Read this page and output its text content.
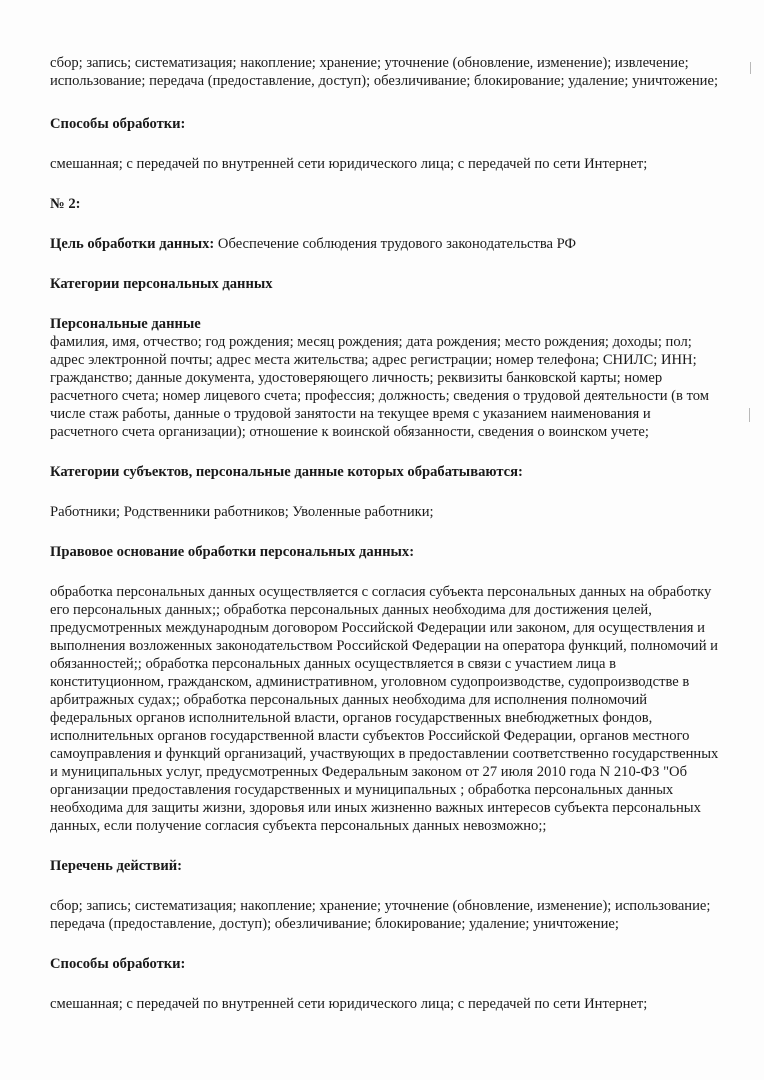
сбор; запись; систематизация; накопление; хранение; уточнение (обновление, изменение); извлечение; использование; передача (предоставление, доступ); обезличивание; блокирование; удаление; уничтожение;

Способы обработки:

смешанная; с передачей по внутренней сети юридического лица; с передачей по сети Интернет;

№ 2:

Цель обработки данных: Обеспечение соблюдения трудового законодательства РФ

Категории персональных данных

Персональные данные

фамилия, имя, отчество; год рождения; месяц рождения; дата рождения; место рождения; доходы; пол; адрес электронной почты; адрес места жительства; адрес регистрации; номер телефона; СНИЛС; ИНН; гражданство; данные документа, удостоверяющего личность; реквизиты банковской карты; номер расчетного счета; номер лицевого счета; профессия; должность; сведения о трудовой деятельности (в том числе стаж работы, данные о трудовой занятости на текущее время с указанием наименования и расчетного счета организации); отношение к воинской обязанности, сведения о воинском учете;

Категории субъектов, персональные данные которых обрабатываются:

Работники; Родственники работников; Уволенные работники;

Правовое основание обработки персональных данных:

обработка персональных данных осуществляется с согласия субъекта персональных данных на обработку его персональных данных;; обработка персональных данных необходима для достижения целей, предусмотренных международным договором Российской Федерации или законом, для осуществления и выполнения возложенных законодательством Российской Федерации на оператора функций, полномочий и обязанностей;; обработка персональных данных осуществляется в связи с участием лица в конституционном, гражданском, административном, уголовном судопроизводстве, судопроизводстве в арбитражных судах;; обработка персональных данных необходима для исполнения полномочий федеральных органов исполнительной власти, органов государственных внебюджетных фондов, исполнительных органов государственной власти субъектов Российской Федерации, органов местного самоуправления и функций организаций, участвующих в предоставлении соответственно государственных и муниципальных услуг, предусмотренных Федеральным законом от 27 июля 2010 года N 210-ФЗ "Об организации предоставления государственных и муниципальных ; обработка персональных данных необходима для защиты жизни, здоровья или иных жизненно важных интересов субъекта персональных данных, если получение согласия субъекта персональных данных невозможно;;

Перечень действий:

сбор; запись; систематизация; накопление; хранение; уточнение (обновление, изменение); использование; передача (предоставление, доступ); обезличивание; блокирование; удаление; уничтожение;

Способы обработки:

смешанная; с передачей по внутренней сети юридического лица; с передачей по сети Интернет;
